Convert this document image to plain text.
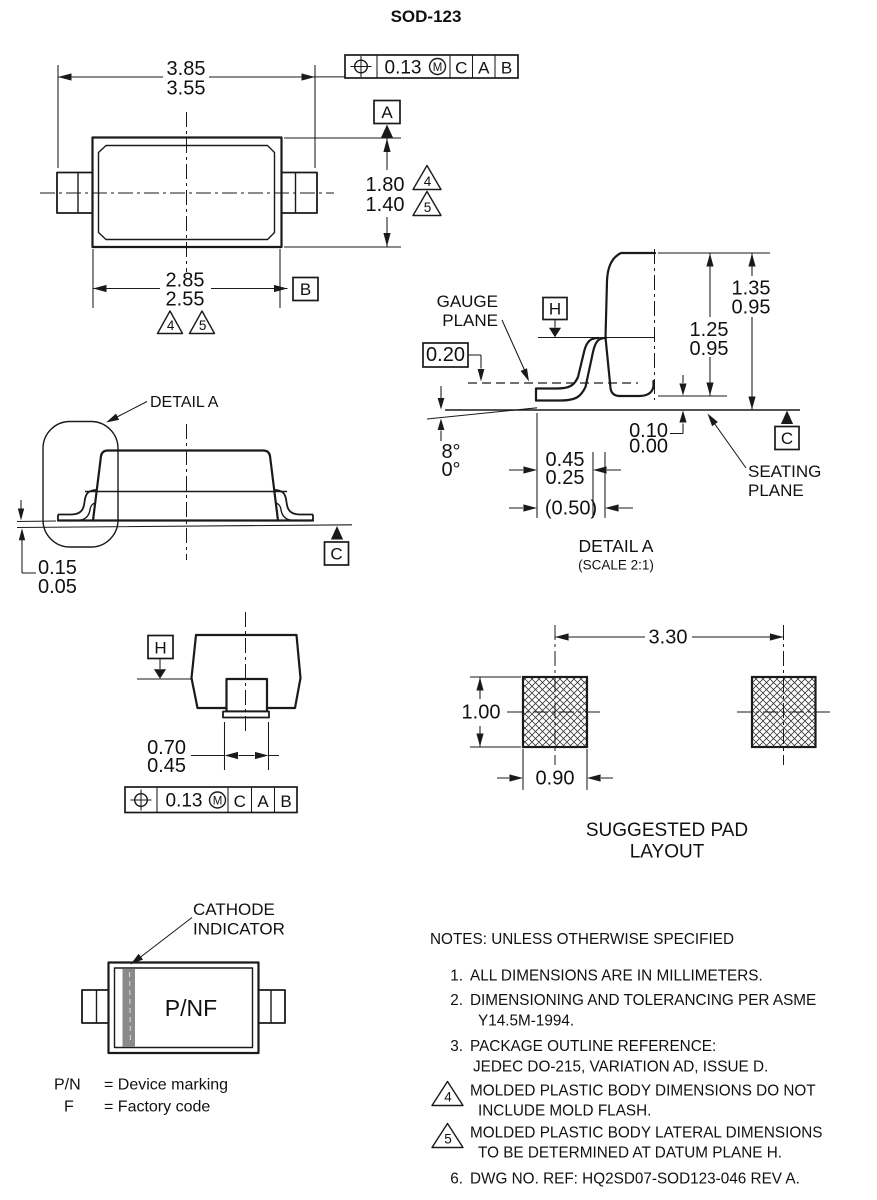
SOD-123
3.85
3.55
1.80
1.40
4
5
A
2.85
2.55	B
4 5
0.13 M C A B
0.15
0.05
C
DETAIL A
1.25
0.95
1.35
0.95
0.10
0.00
8°
0°
0.20
H
GAUGE
PLANE
SEATING
PLANE
C
0.45
0.25
(0.50)
DETAIL A
(SCALE 2:1)
H
0.70
0.45
0.13 M C A B
3.30
1.00
0.90
SUGGESTED PAD
LAYOUT
P/NF
CATHODE
INDICATOR
P/N = Device marking
F = Factory code
NOTES: UNLESS OTHERWISE SPECIFIED
1. ALL DIMENSIONS ARE IN MILLIMETERS.
2. DIMENSIONING AND TOLERANCING PER ASME
Y14.5M-1994.
3. PACKAGE OUTLINE REFERENCE:
JEDEC DO-215, VARIATION AD, ISSUE D.
4 MOLDED PLASTIC BODY DIMENSIONS DO NOT
INCLUDE MOLD FLASH.
5 MOLDED PLASTIC BODY LATERAL DIMENSIONS
TO BE DETERMINED AT DATUM PLANE H.
6. DWG NO. REF: HQ2SD07-SOD123-046 REV A.
